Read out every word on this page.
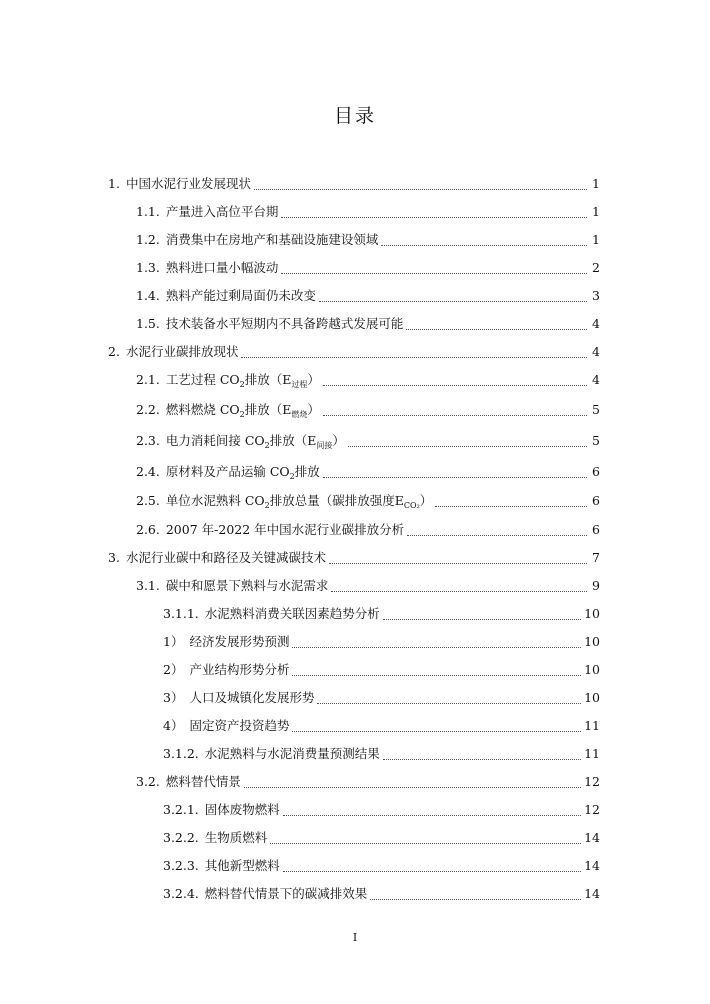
目录
1. 中国水泥行业发展现状	1
1.1. 产量进入高位平台期	1
1.2. 消费集中在房地产和基础设施建设领域	1
1.3. 熟料进口量小幅波动	2
1.4. 熟料产能过剩局面仍未改变	3
1.5. 技术装备水平短期内不具备跨越式发展可能	4
2. 水泥行业碳排放现状	4
2.1. 工艺过程 $CO_2$排放$(E_{过程})$	4
2.2. 燃料燃烧 $CO_2$排放$(E_{燃烧})$	5
2.3. 电力消耗间接 $CO_2$排放$(E_{间接})$	5
2.4. 原材料及产品运输 $CO_2$排放	6
2.5. 单位水泥熟料 $CO_2$排放总量（碳排放强度$E_{CO_2}$）	6
2.6. 2007 年-2022 年中国水泥行业碳排放分析	6
3. 水泥行业碳中和路径及关键减碳技术	7
3.1. 碳中和愿景下熟料与水泥需求	9
3.1.1. 水泥熟料消费关联因素趋势分析	10
1） 经济发展形势预测	10
2） 产业结构形势分析	10
3） 人口及城镇化发展形势	10
4） 固定资产投资趋势	11
3.1.2. 水泥熟料与水泥消费量预测结果	11
3.2. 燃料替代情景	12
3.2.1. 固体废物燃料	12
3.2.2. 生物质燃料	14
3.2.3. 其他新型燃料	14
3.2.4. 燃料替代情景下的碳减排效果	14
I
